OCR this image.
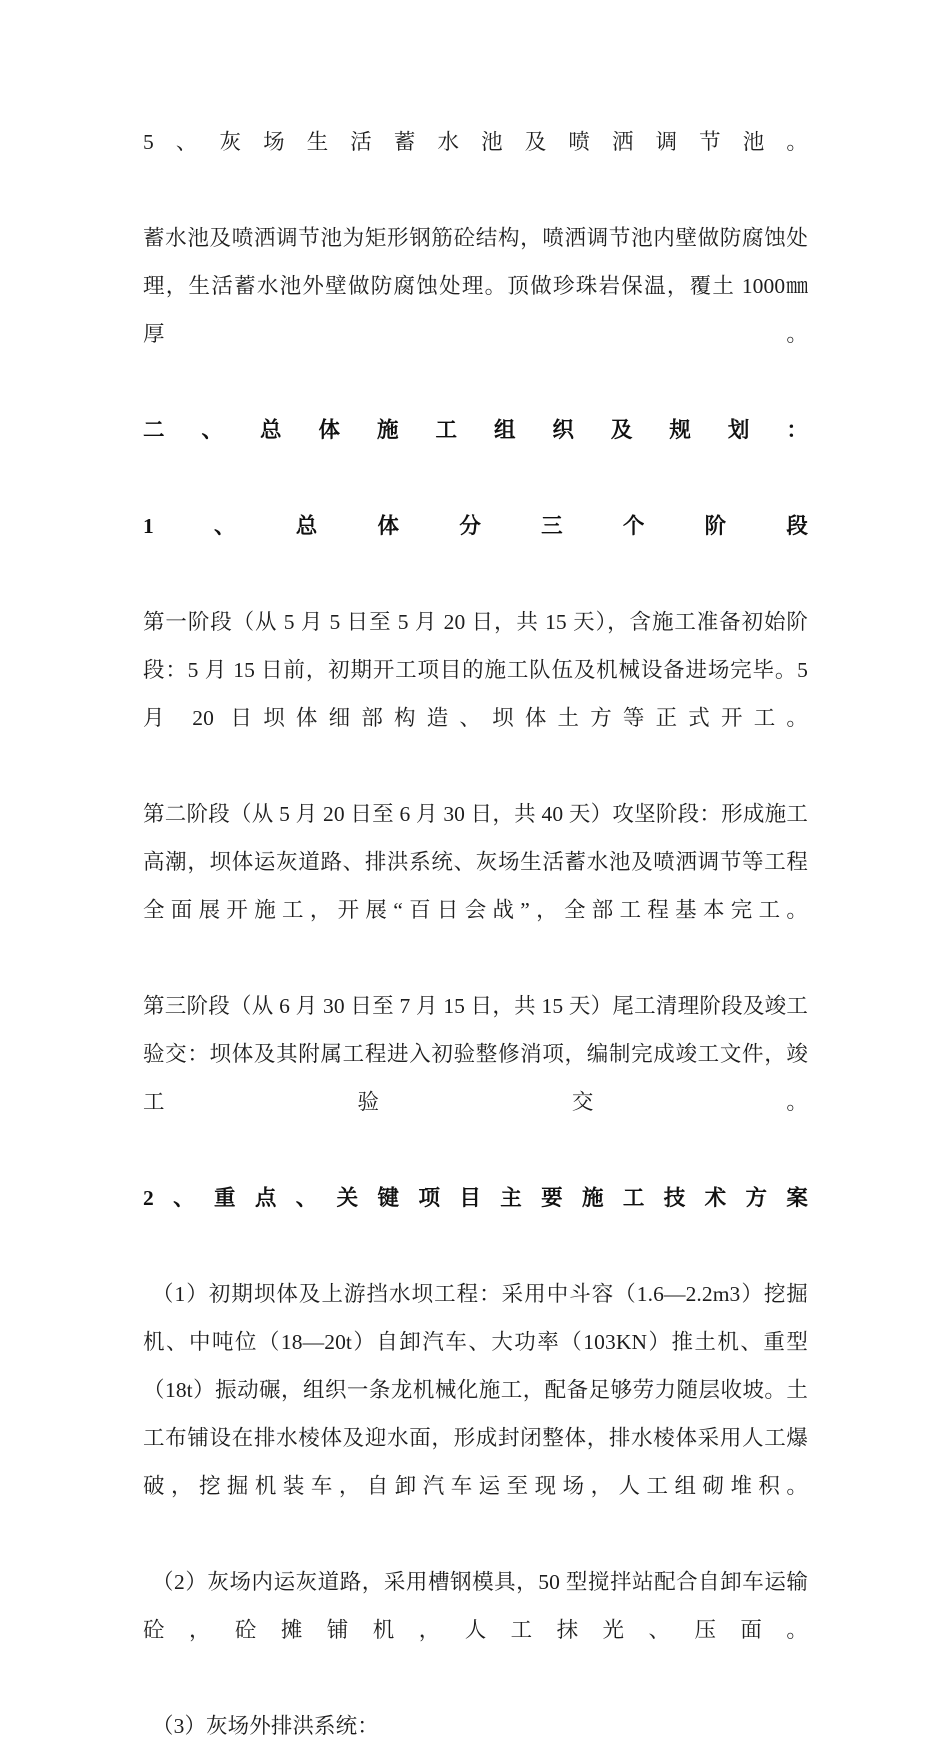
5、灰场生活蓄水池及喷洒调节池。

蓄水池及喷洒调节池为矩形钢筋砼结构，喷洒调节池内壁做防腐蚀处理，生活蓄水池外壁做防腐蚀处理。顶做珍珠岩保温，覆土 1000㎜ 厚。

二、总体施工组织及规划：

1、总体分三个阶段

第一阶段（从 5 月 5 日至 5 月 20 日，共 15 天），含施工准备初始阶段：5 月 15 日前，初期开工项目的施工队伍及机械设备进场完毕。5 月 20 日坝体细部构造、坝体土方等正式开工。

第二阶段（从 5 月 20 日至 6 月 30 日，共 40 天）攻坚阶段：形成施工高潮，坝体运灰道路、排洪系统、灰场生活蓄水池及喷洒调节等工程全面展开施工，开展“百日会战”，全部工程基本完工。

第三阶段（从 6 月 30 日至 7 月 15 日，共 15 天）尾工清理阶段及竣工验交：坝体及其附属工程进入初验整修消项，编制完成竣工文件，竣工验交。

2、重点、关键项目主要施工技术方案

（1）初期坝体及上游挡水坝工程：采用中斗容（1.6—2.2m3）挖掘机、中吨位（18—20t）自卸汽车、大功率（103KN）推土机、重型（18t）振动碾，组织一条龙机械化施工，配备足够劳力随层收坡。土工布铺设在排水棱体及迎水面，形成封闭整体，排水棱体采用人工爆破，挖掘机装车，自卸汽车运至现场，人工组砌堆积。

（2）灰场内运灰道路，采用槽钢模具，50 型搅拌站配合自卸车运输砼，砼摊铺机，人工抹光、压面。

（3）灰场外排洪系统：
